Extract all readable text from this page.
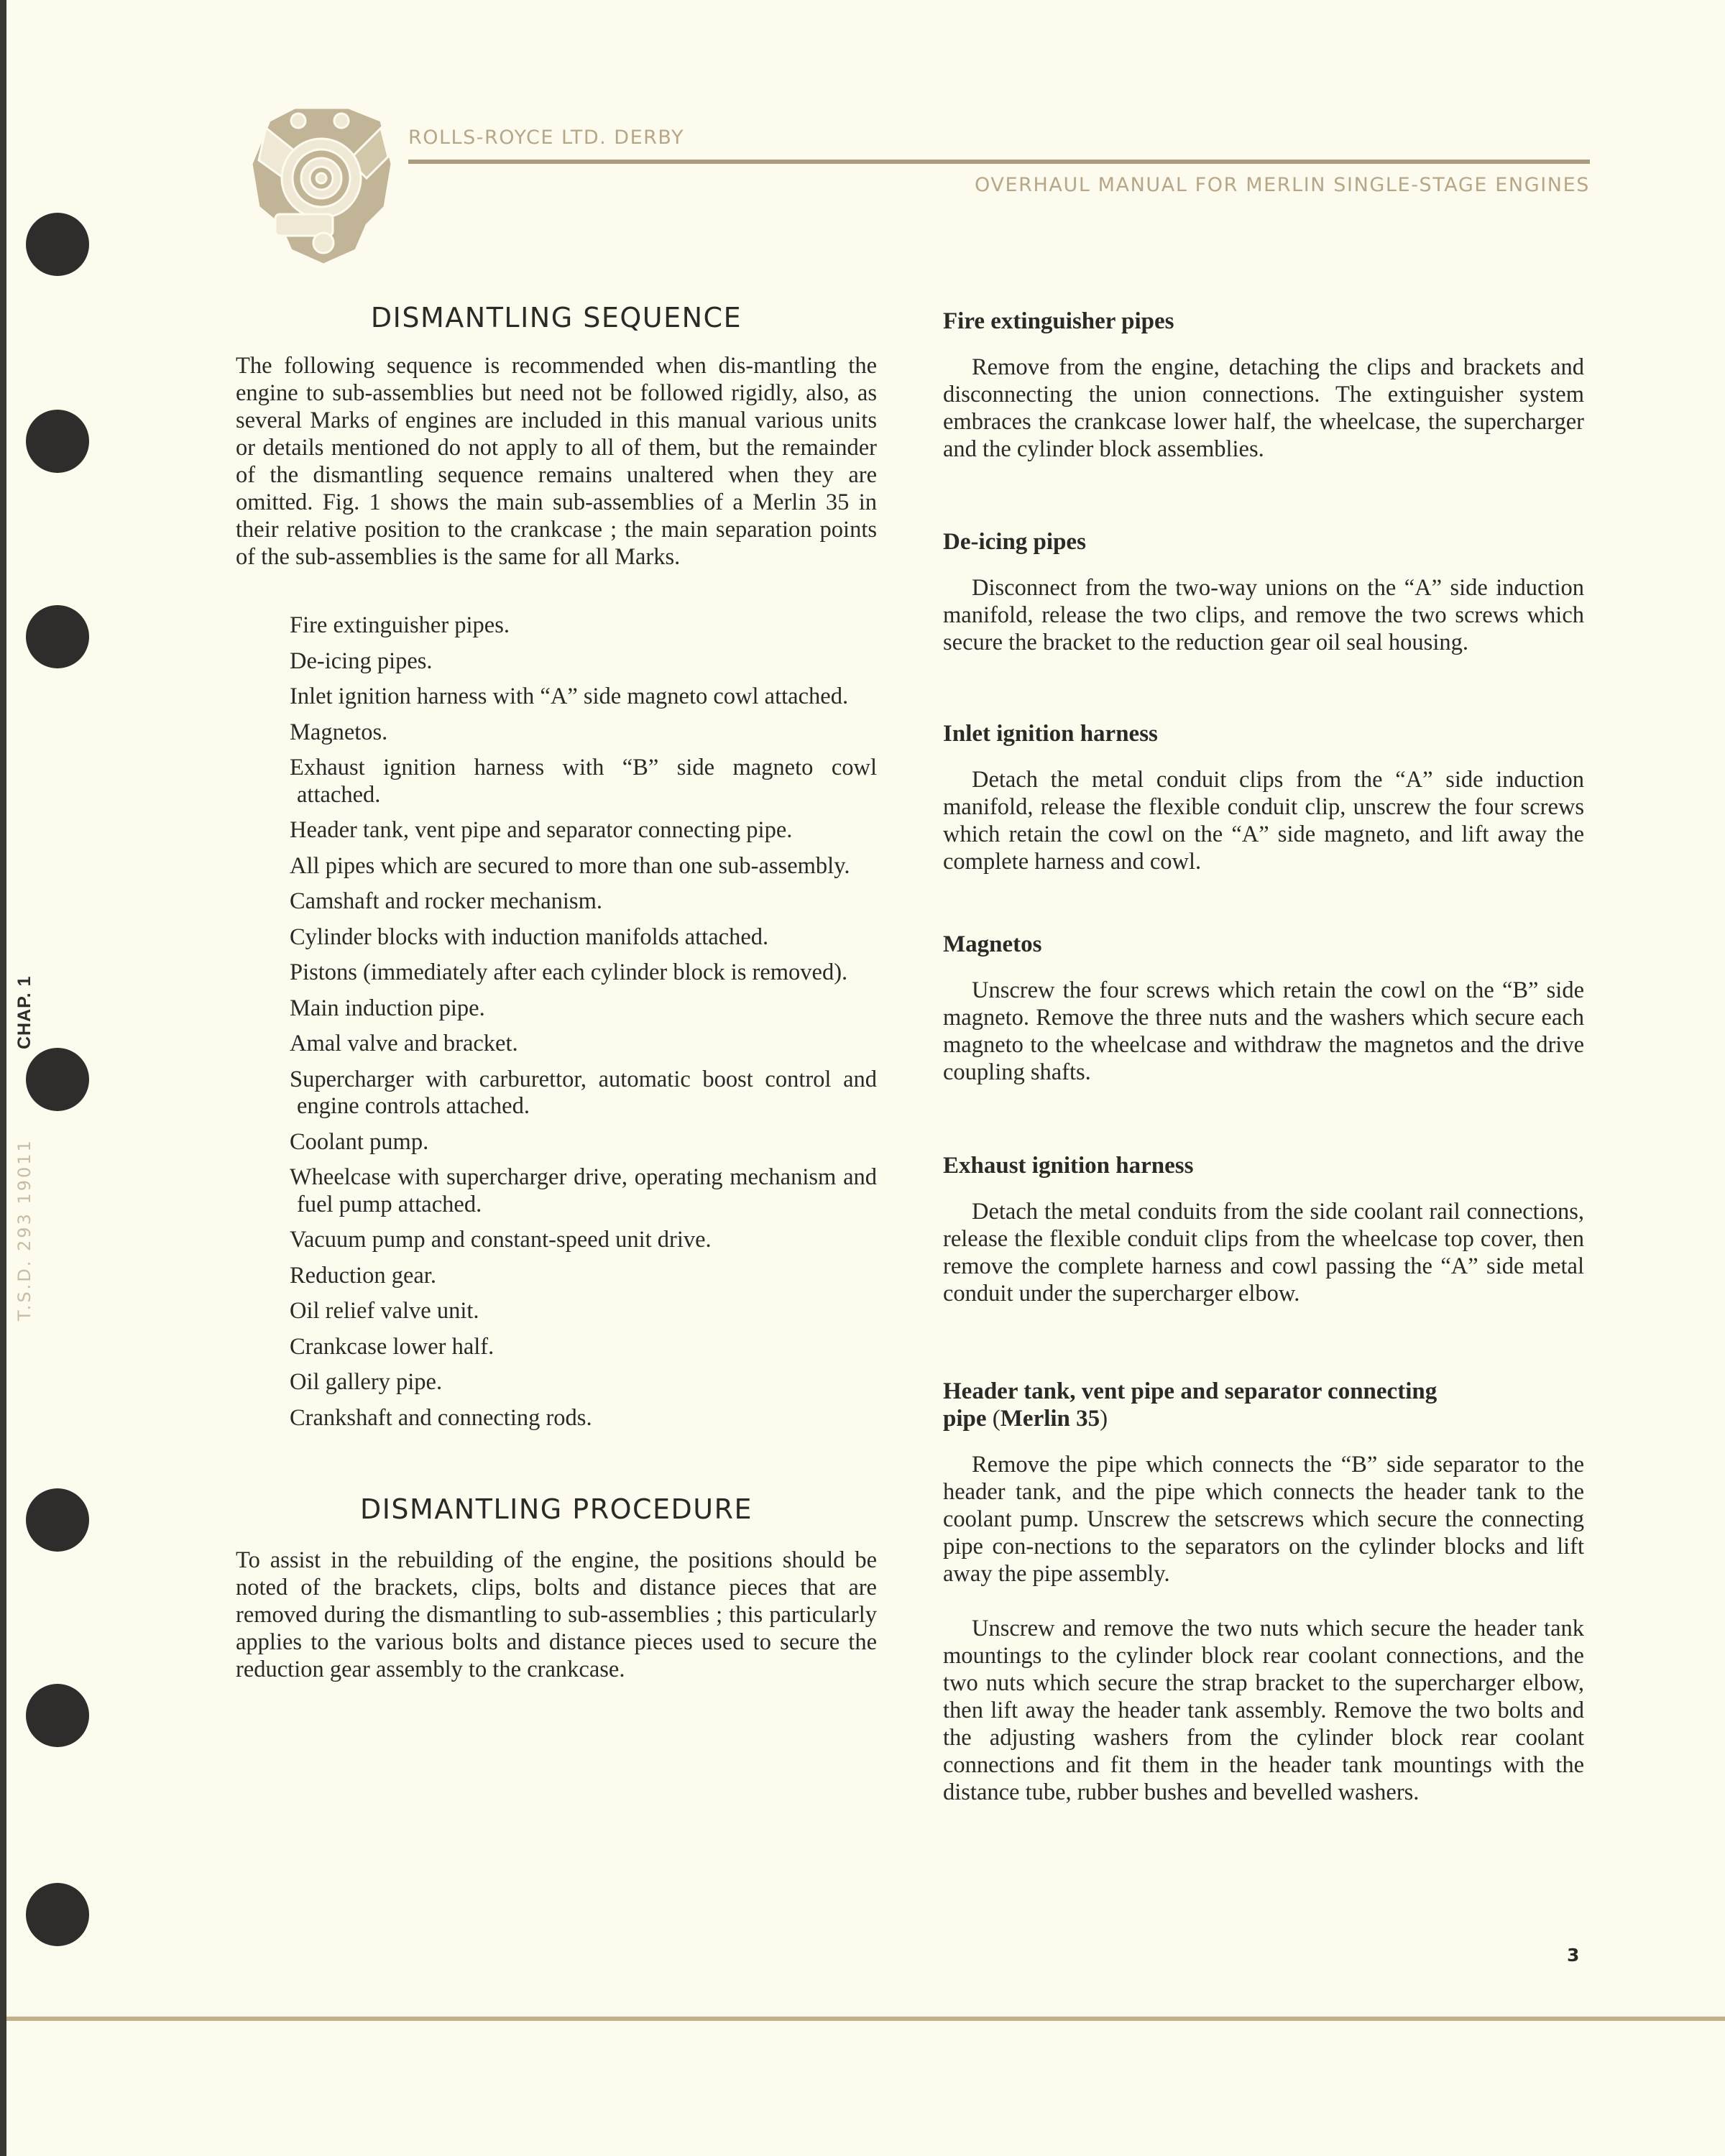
ROLLS-ROYCE LTD. DERBY
OVERHAUL MANUAL FOR MERLIN SINGLE-STAGE ENGINES
CHAP. 1
T.S.D. 293 19011
DISMANTLING SEQUENCE

The following sequence is recommended when dis-mantling the engine to sub-assemblies but need not be followed rigidly, also, as several Marks of engines are included in this manual various units or details mentioned do not apply to all of them, but the remainder of the dismantling sequence remains unaltered when they are omitted. Fig. 1 shows the main sub-assemblies of a Merlin 35 in their relative position to the crankcase ; the main separation points of the sub-assemblies is the same for all Marks.

Fire extinguisher pipes.
De-icing pipes.
Inlet ignition harness with “A” side magneto cowl attached.
Magnetos.
Exhaust ignition harness with “B” side magneto cowl attached.
Header tank, vent pipe and separator connecting pipe.
All pipes which are secured to more than one sub-assembly.
Camshaft and rocker mechanism.
Cylinder blocks with induction manifolds attached.
Pistons (immediately after each cylinder block is removed).
Main induction pipe.
Amal valve and bracket.
Supercharger with carburettor, automatic boost control and engine controls attached.
Coolant pump.
Wheelcase with supercharger drive, operating mechanism and fuel pump attached.
Vacuum pump and constant-speed unit drive.
Reduction gear.
Oil relief valve unit.
Crankcase lower half.
Oil gallery pipe.
Crankshaft and connecting rods.
DISMANTLING PROCEDURE

To assist in the rebuilding of the engine, the positions should be noted of the brackets, clips, bolts and distance pieces that are removed during the dismantling to sub-assemblies ; this particularly applies to the various bolts and distance pieces used to secure the reduction gear assembly to the crankcase.

Fire extinguisher pipes

Remove from the engine, detaching the clips and brackets and disconnecting the union connections. The extinguisher system embraces the crankcase lower half, the wheelcase, the supercharger and the cylinder block assemblies.

De-icing pipes

Disconnect from the two-way unions on the “A” side induction manifold, release the two clips, and remove the two screws which secure the bracket to the reduction gear oil seal housing.

Inlet ignition harness

Detach the metal conduit clips from the “A” side induction manifold, release the flexible conduit clip, unscrew the four screws which retain the cowl on the “A” side magneto, and lift away the complete harness and cowl.

Magnetos

Unscrew the four screws which retain the cowl on the “B” side magneto. Remove the three nuts and the washers which secure each magneto to the wheelcase and withdraw the magnetos and the drive coupling shafts.

Exhaust ignition harness

Detach the metal conduits from the side coolant rail connections, release the flexible conduit clips from the wheelcase top cover, then remove the complete harness and cowl passing the “A” side metal conduit under the supercharger elbow.

Header tank, vent pipe and separator connecting pipe (Merlin 35)

Remove the pipe which connects the “B” side separator to the header tank, and the pipe which connects the header tank to the coolant pump. Unscrew the setscrews which secure the connecting pipe con-nections to the separators on the cylinder blocks and lift away the pipe assembly.

Unscrew and remove the two nuts which secure the header tank mountings to the cylinder block rear coolant connections, and the two nuts which secure the strap bracket to the supercharger elbow, then lift away the header tank assembly. Remove the two bolts and the adjusting washers from the cylinder block rear coolant connections and fit them in the header tank mountings with the distance tube, rubber bushes and bevelled washers.

3
